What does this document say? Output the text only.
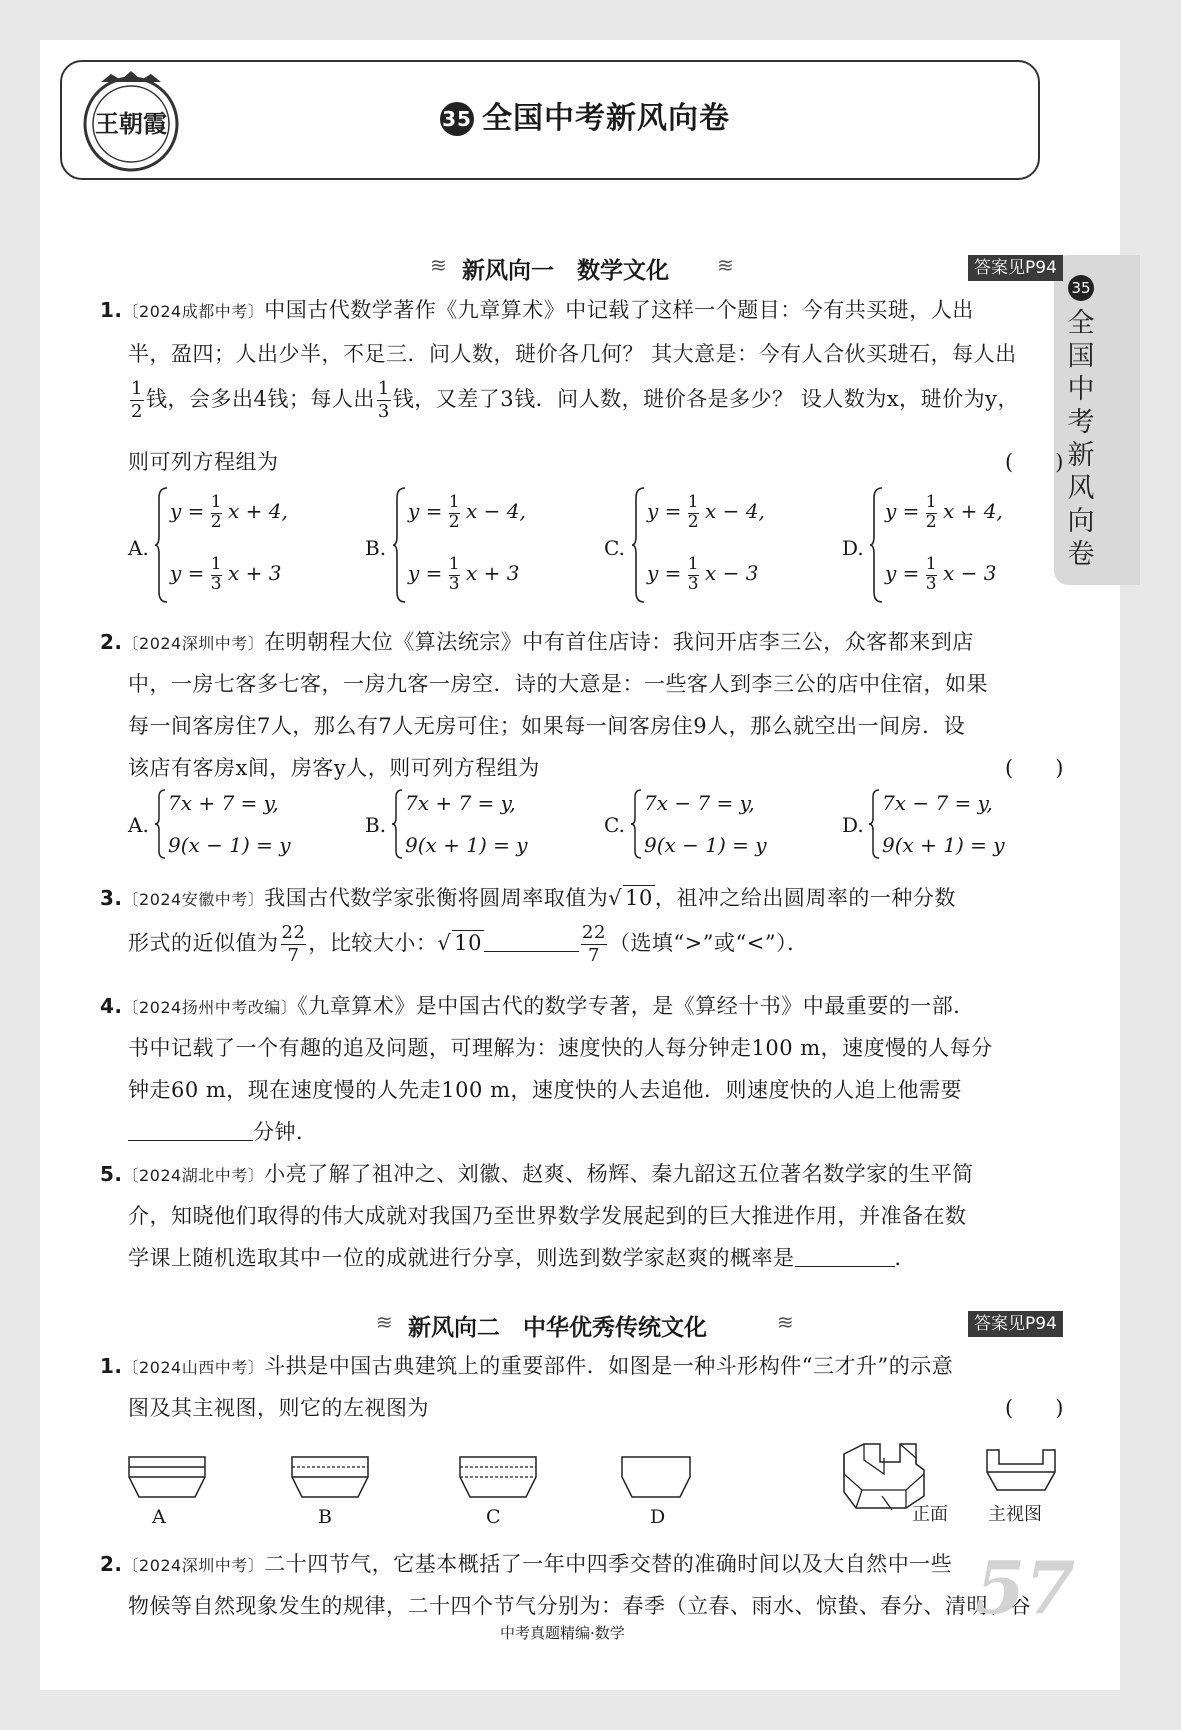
王朝霞	35 全国中考新风向卷
35
全国中考新风向卷
≋ 新风向一　数学文化 ≋	答案见P94
1.〔2024成都中考〕中国古代数学著作《九章算术》中记载了这样一个题目：今有共买琎，人出
半，盈四；人出少半，不足三．问人数，琎价各几何？ 其大意是：今有人合伙买琎石，每人出
$\frac{1}{2}$ 钱，会多出4钱；每人出 $\frac{1}{3}$ 钱，又差了3钱．问人数，琎价各是多少？ 设人数为x，琎价为y，
则可列方程组为	(　　)
A.
$y = \frac{1}{2}$ x + 4,
$y = \frac{1}{3}$ x + 3
B.
$y = \frac{1}{2}$ x − 4,
$y = \frac{1}{3}$ x + 3
C.
$y = \frac{1}{2}$ x − 4,
$y = \frac{1}{3}$ x − 3
D.
$y = \frac{1}{2}$ x + 4,
$y = \frac{1}{3}$ x − 3
2.〔2024深圳中考〕在明朝程大位《算法统宗》中有首住店诗：我问开店李三公，众客都来到店
中，一房七客多七客，一房九客一房空．诗的大意是：一些客人到李三公的店中住宿，如果
每一间客房住7人，那么有7人无房可住；如果每一间客房住9人，那么就空出一间房．设
该店有客房x间，房客y人，则可列方程组为	(　　)
A.
7x + 7 = y,
9(x − 1) = y
B.
7x + 7 = y,
9(x + 1) = y
C.
7x − 7 = y,
9(x − 1) = y
D.
7x − 7 = y,
9(x + 1) = y
3.〔2024安徽中考〕我国古代数学家张衡将圆周率取值为√ 10，祖冲之给出圆周率的一种分数
形式的近似值为 $\frac{22}{7}$ ，比较大小：√ 10	$\frac{22}{7}$ （选填“>”或“<”）．
4.〔2024扬州中考改编〕《九章算术》是中国古代的数学专著，是《算经十书》中最重要的一部．
书中记载了一个有趣的追及问题，可理解为：速度快的人每分钟走100 m，速度慢的人每分
钟走60 m，现在速度慢的人先走100 m，速度快的人去追他．则速度快的人追上他需要
分钟．
5.〔2024湖北中考〕小亮了解了祖冲之、刘徽、赵爽、杨辉、秦九韶这五位著名数学家的生平简
介，知晓他们取得的伟大成就对我国乃至世界数学发展起到的巨大推进作用，并准备在数
学课上随机选取其中一位的成就进行分享，则选到数学家赵爽的概率是	．
≋ 新风向二　中华优秀传统文化	≋	答案见P94
1.〔2024山西中考〕斗拱是中国古典建筑上的重要部件．如图是一种斗形构件“三才升”的示意
图及其主视图，则它的左视图为	(　　)
A	B	C	D	正面 主视图
2.〔2024深圳中考〕二十四节气，它基本概括了一年中四季交替的准确时间以及大自然中一些
物候等自然现象发生的规律，二十四个节气分别为：春季（立春、雨水、惊蛰、春分、清明、谷
57
中考真题精编·数学
